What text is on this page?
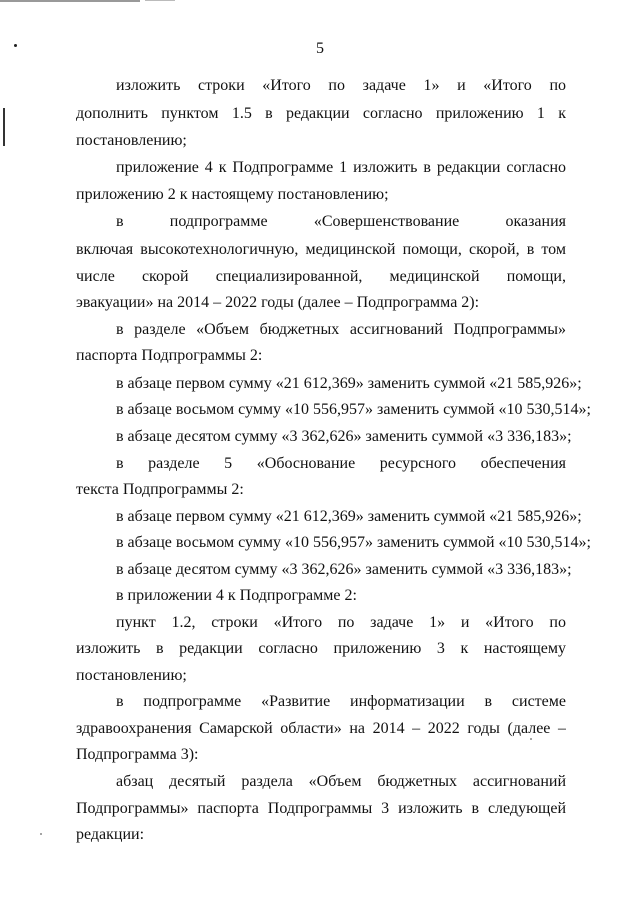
5
изложить строки «Итого по задаче 1» и «Итого по
дополнить пунктом 1.5 в редакции согласно приложению 1 к
постановлению;
приложение 4 к Подпрограмме 1 изложить в редакции согласно
приложению 2 к настоящему постановлению;
в подпрограмме «Совершенствование оказания
включая высокотехнологичную, медицинской помощи, скорой, в том
числе скорой специализированной, медицинской помощи,
эвакуации» на 2014 – 2022 годы (далее – Подпрограмма 2):
в разделе «Объем бюджетных ассигнований Подпрограммы»
паспорта Подпрограммы 2:
в абзаце первом сумму «21 612,369» заменить суммой «21 585,926»;
в абзаце восьмом сумму «10 556,957» заменить суммой «10 530,514»;
в абзаце десятом сумму «3 362,626» заменить суммой «3 336,183»;
в разделе 5 «Обоснование ресурсного обеспечения
текста Подпрограммы 2:
в абзаце первом сумму «21 612,369» заменить суммой «21 585,926»;
в абзаце восьмом сумму «10 556,957» заменить суммой «10 530,514»;
в абзаце десятом сумму «3 362,626» заменить суммой «3 336,183»;
в приложении 4 к Подпрограмме 2:
пункт 1.2, строки «Итого по задаче 1» и «Итого по
изложить в редакции согласно приложению 3 к настоящему
постановлению;
в подпрограмме «Развитие информатизации в системе
здравоохранения Самарской области» на 2014 – 2022 годы (далее –
Подпрограмма 3):
абзац десятый раздела «Объем бюджетных ассигнований
Подпрограммы» паспорта Подпрограммы 3 изложить в следующей
редакции:
